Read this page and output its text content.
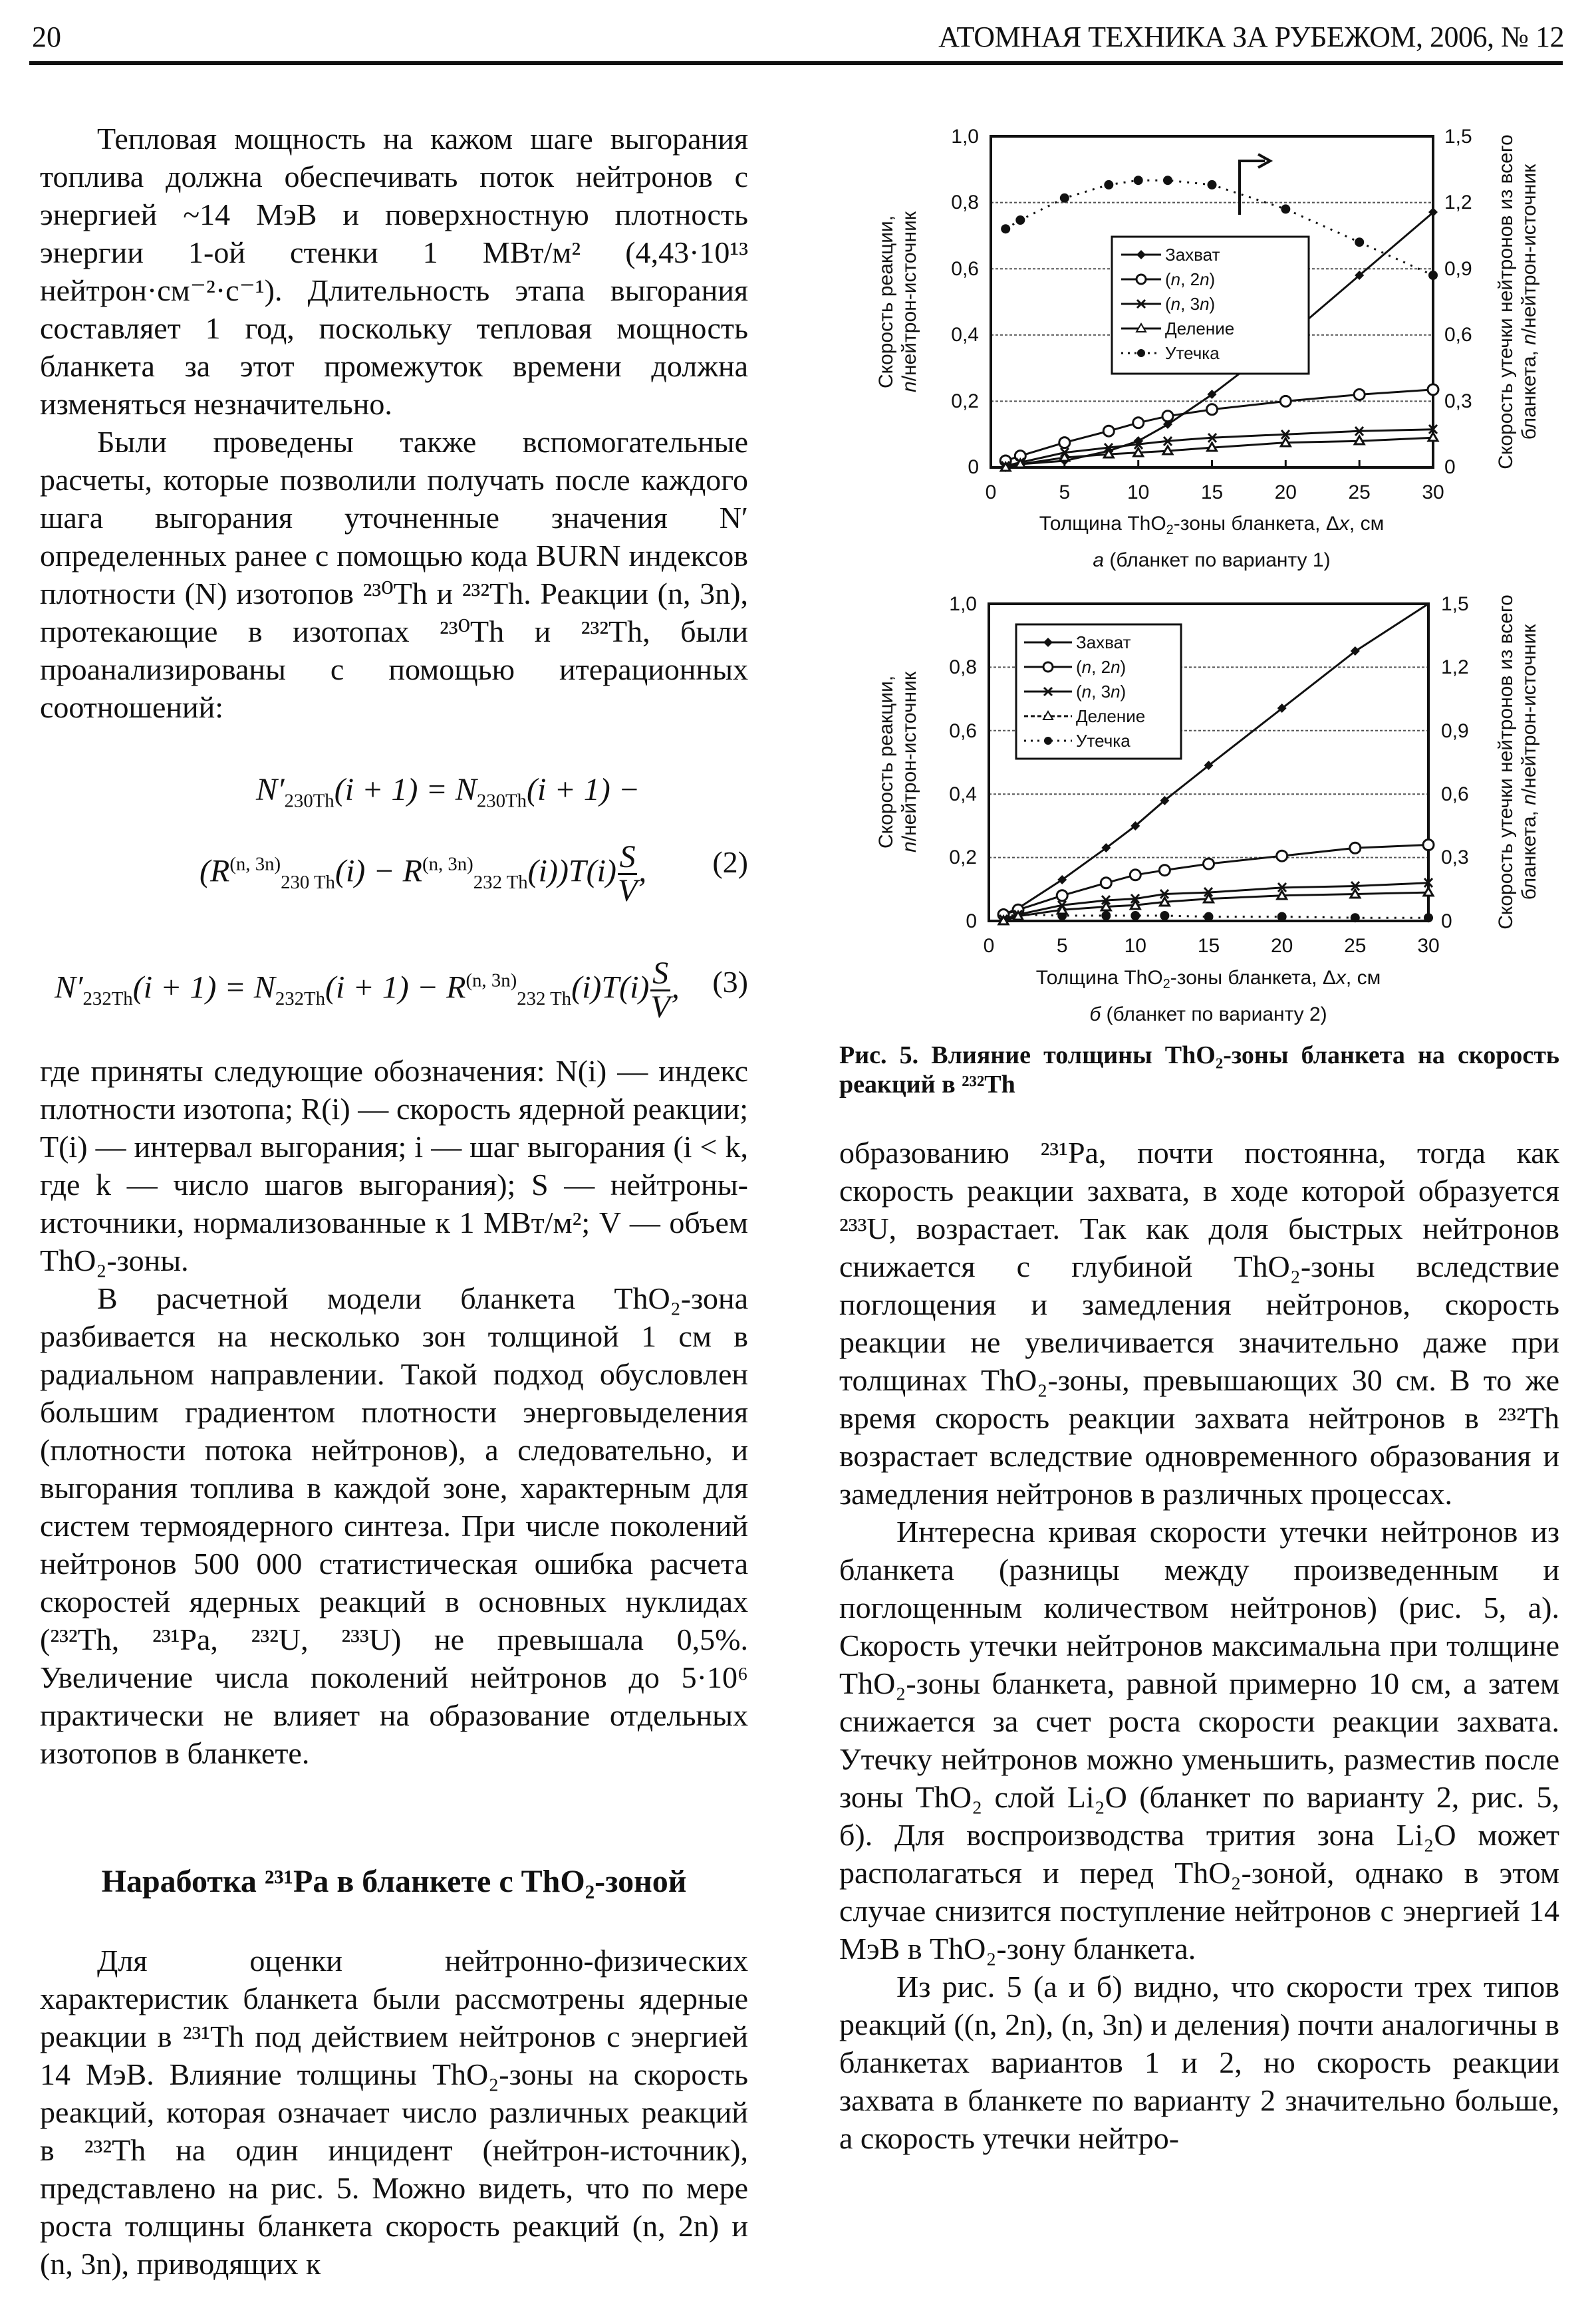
20	АТОМНАЯ ТЕХНИКА ЗА РУБЕЖОМ, 2006, № 12

Тепловая мощность на кажом шаге выгорания топлива должна обеспечивать поток нейтронов с энергией ~14 МэВ и поверхностную плотность энергии 1-ой стенки 1 МВт/м² (4,43·10¹³ нейтрон·см⁻²·с⁻¹). Длительность этапа выгорания составляет 1 год, поскольку тепловая мощность бланкета за этот промежуток времени должна изменяться незначительно.

Были проведены также вспомогательные расчеты, которые позволили получать после каждого шага выгорания уточненные значения N′ определенных ранее с помощью кода BURN индексов плотности (N) изотопов ²³⁰Th и ²³²Th. Реакции (n, 3n), протекающие в изотопах ²³⁰Th и ²³²Th, были проанализированы с помощью итерационных соотношений:

$N'_{230Th}(i + 1) = N_{230Th}(i + 1)$ −
$(R^{(n, 3n)}_{230 Th}(i) - R^{(n, 3n)}_{232 Th}(i))T(i) \frac{S}{V}$ , (2)
$N'_{232Th}(i + 1) = N_{232Th}(i + 1) - R^{(n, 3n)}_{232 Th}(i)T(i) \frac{S}{V}$ , (3)

где приняты следующие обозначения: N(i) — индекс плотности изотопа; R(i) — скорость ядерной реакции; T(i) — интервал выгорания; i — шаг выгорания (i < k, где k — число шагов выгорания); S — нейтроны-источники, нормализованные к 1 МВт/м²; V — объем ThO₂-зоны.

В расчетной модели бланкета ThO₂-зона разбивается на несколько зон толщиной 1 см в радиальном направлении. Такой подход обусловлен большим градиентом плотности энерговыделения (плотности потока нейтронов), а следовательно, и выгорания топлива в каждой зоне, характерным для систем термоядерного синтеза. При числе поколений нейтронов 500 000 статистическая ошибка расчета скоростей ядерных реакций в основных нуклидах (²³²Th, ²³¹Pa, ²³²U, ²³³U) не превышала 0,5%. Увеличение числа поколений нейтронов до 5·10⁶ практически не влияет на образование отдельных изотопов в бланкете.

Наработка ²³¹Pa в бланкете с ThO₂-зоной

Для оценки нейтронно-физических характеристик бланкета были рассмотрены ядерные реакции в ²³¹Th под действием нейтронов с энергией 14 МэВ. Влияние толщины ThO₂-зоны на скорость реакций, которая означает число различных реакций в ²³²Th на один инцидент (нейтрон-источник), представлено на рис. 5. Можно видеть, что по мере роста толщины бланкета скорость реакций (n, 2n) и (n, 3n), приводящих к

0	5	10	15	20	25	30
1,0
0,8
0,6
0,4
0,2
0
1,5
1,2
0,9
0,6
0,3
0
Скорость реакции, n/нейтрон-источник	Скорость утечки нейтронов из всего бланкета, n/нейтрон-источник
Толщина ThO$_2$-зоны бланкета, Δx, см
а (бланкет по варианту 1)
Захват
(n, 2n)
(n, 3n)
Деление
Утечка
0	5	10	15	20	25	30
1,0
0,8
0,6
0,4
0,2
0
1,5
1,2
0,9
0,6
0,3
0
Скорость реакции, n/нейтрон-источник	Скорость утечки нейтронов из всего бланкета, n/нейтрон-источник
Толщина ThO$_2$-зоны бланкета, Δx, см
б (бланкет по варианту 2)
Захват
(n, 2n)
(n, 3n)
Деление
Утечка
Рис. 5. Влияние толщины ThO₂-зоны бланкета на скорость реакций в ²³²Th

образованию ²³¹Pa, почти постоянна, тогда как скорость реакции захвата, в ходе которой образуется ²³³U, возрастает. Так как доля быстрых нейтронов снижается с глубиной ThO₂-зоны вследствие поглощения и замедления нейтронов, скорость реакции не увеличивается значительно даже при толщинах ThO₂-зоны, превышающих 30 см. В то же время скорость реакции захвата нейтронов в ²³²Th возрастает вследствие одновременного образования и замедления нейтронов в различных процессах.

Интересна кривая скорости утечки нейтронов из бланкета (разницы между произведенным и поглощенным количеством нейтронов) (рис. 5, а). Скорость утечки нейтронов максимальна при толщине ThO₂-зоны бланкета, равной примерно 10 см, а затем снижается за счет роста скорости реакции захвата. Утечку нейтронов можно уменьшить, разместив после зоны ThO₂ слой Li₂O (бланкет по варианту 2, рис. 5, б). Для воспроизводства трития зона Li₂O может располагаться и перед ThO₂-зоной, однако в этом случае снизится поступление нейтронов с энергией 14 МэВ в ThO₂-зону бланкета.

Из рис. 5 (а и б) видно, что скорости трех типов реакций ((n, 2n), (n, 3n) и деления) почти аналогичны в бланкетах вариантов 1 и 2, но скорость реакции захвата в бланкете по варианту 2 значительно больше, а скорость утечки нейтро-
